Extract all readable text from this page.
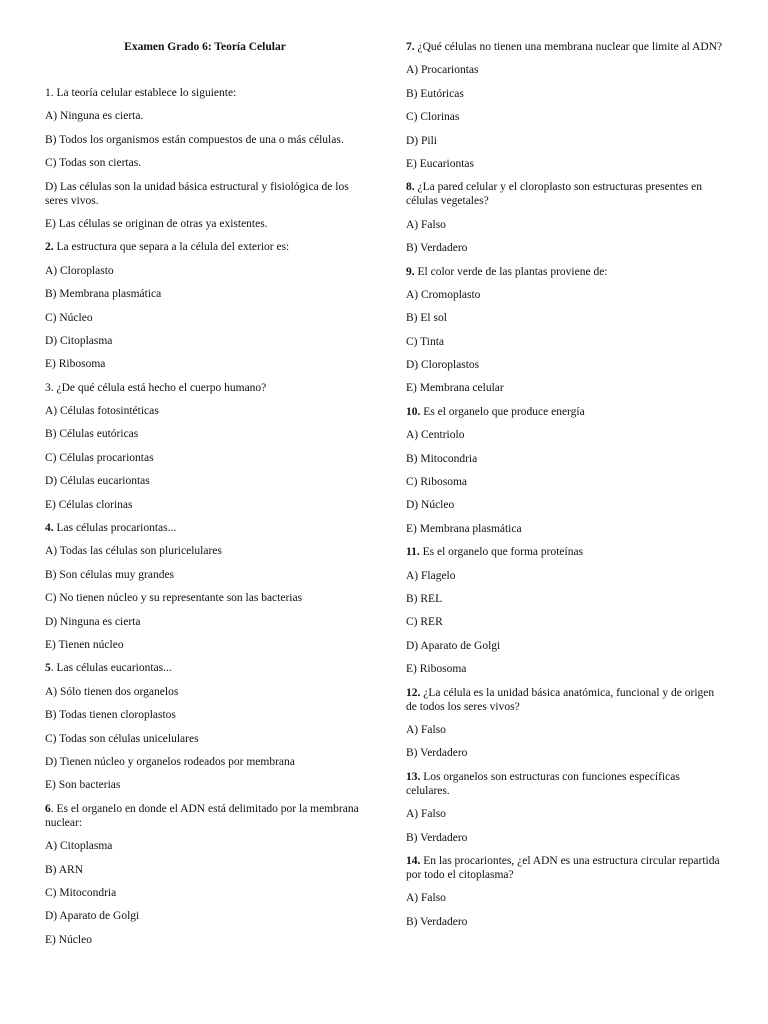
Examen Grado 6: Teoría Celular
1. La teoría celular establece lo siguiente:
A) Ninguna es cierta.
B) Todos los organismos están compuestos de una o más células.
C) Todas son ciertas.
D) Las células son la unidad básica estructural y fisiológica de los seres vivos.
E) Las células se originan de otras ya existentes.
2. La estructura que separa a la célula del exterior es:
A) Cloroplasto
B) Membrana plasmática
C) Núcleo
D) Citoplasma
E) Ribosoma
3. ¿De qué célula está hecho el cuerpo humano?
A) Células fotosintéticas
B) Células eutóricas
C) Células procariontas
D) Células eucariontas
E) Células clorinas
4. Las células procariontas...
A) Todas las células son pluricelulares
B) Son células muy grandes
C) No tienen núcleo y su representante son las bacterias
D) Ninguna es cierta
E) Tienen núcleo
5. Las células eucariontas...
A) Sólo tienen dos organelos
B) Todas tienen cloroplastos
C) Todas son células unicelulares
D) Tienen núcleo y organelos rodeados por membrana
E) Son bacterias
6. Es el organelo en donde el ADN está delimitado por la membrana nuclear:
A) Citoplasma
B) ARN
C) Mitocondria
D) Aparato de Golgi
E) Núcleo
7. ¿Qué células no tienen una membrana nuclear que limite al ADN?
A) Procariontas
B) Eutóricas
C) Clorinas
D) Pili
E) Eucariontas
8. ¿La pared celular y el cloroplasto son estructuras presentes en células vegetales?
A) Falso
B) Verdadero
9. El color verde de las plantas proviene de:
A) Cromoplasto
B) El sol
C) Tinta
D) Cloroplastos
E) Membrana celular
10. Es el organelo que produce energía
A) Centriolo
B) Mitocondria
C) Ribosoma
D) Núcleo
E) Membrana plasmática
11. Es el organelo que forma proteínas
A) Flagelo
B) REL
C) RER
D) Aparato de Golgi
E) Ribosoma
12. ¿La célula es la unidad básica anatómica, funcional y de origen de todos los seres vivos?
A) Falso
B) Verdadero
13. Los organelos son estructuras con funciones específicas celulares.
A) Falso
B) Verdadero
14. En las procariontes, ¿el ADN es una estructura circular repartida por todo el citoplasma?
A) Falso
B) Verdadero
